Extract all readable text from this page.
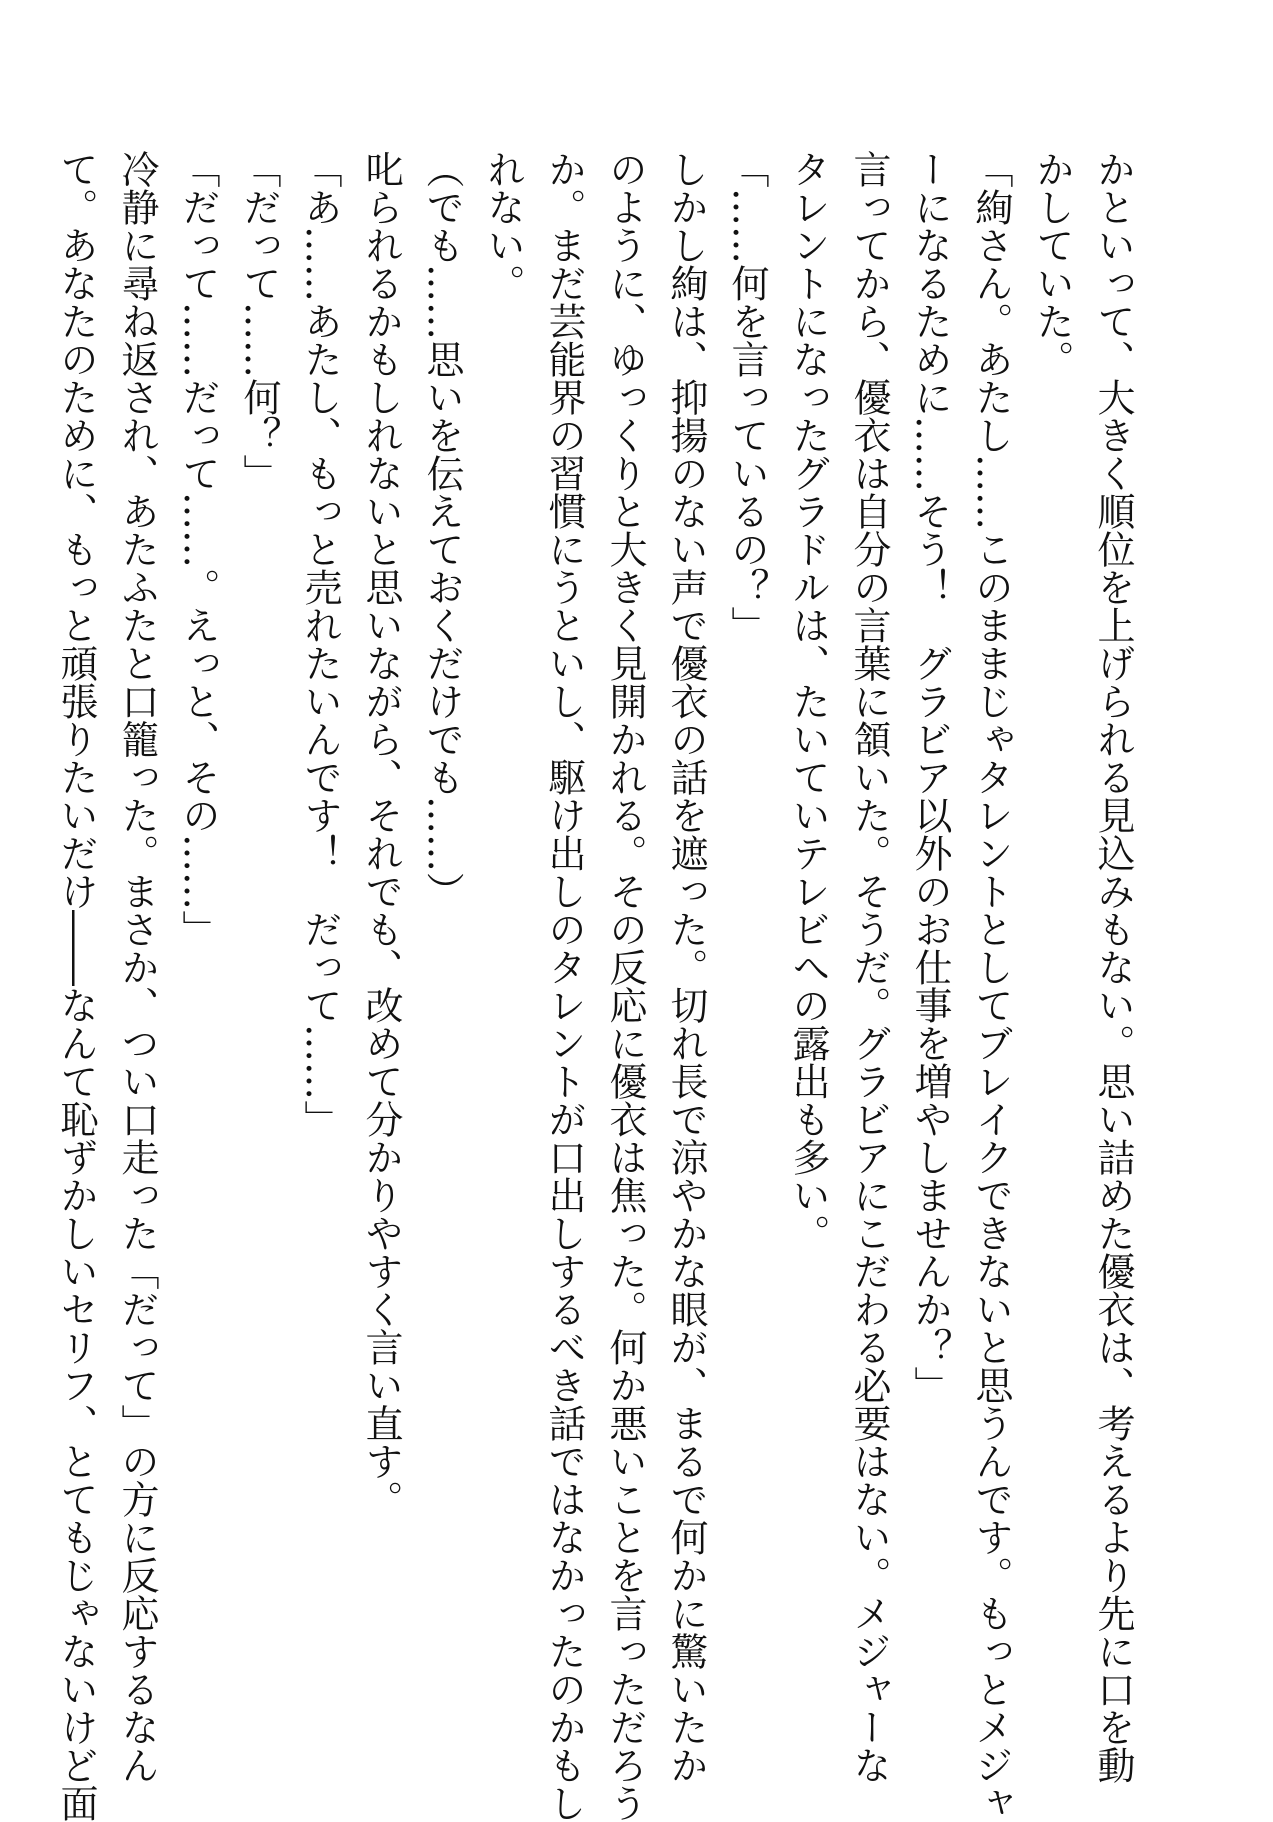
かといって、大きく順位を上げられる見込みもない。思い詰めた優衣は、考えるより先に口を動

かしていた。

「絢さん。あたし……このままじゃタレントとしてブレイクできないと思うんです。もっとメジャ

ーになるために……そう！　グラビア以外のお仕事を増やしませんか？」

言ってから、優衣は自分の言葉に頷いた。そうだ。グラビアにこだわる必要はない。メジャーな

タレントになったグラドルは、たいていテレビへの露出も多い。

「……何を言っているの？」

しかし絢は、抑揚のない声で優衣の話を遮った。切れ長で涼やかな眼が、まるで何かに驚いたか

のように、ゆっくりと大きく見開かれる。その反応に優衣は焦った。何か悪いことを言っただろう

か。まだ芸能界の習慣にうといし、駆け出しのタレントが口出しするべき話ではなかったのかもし

れない。

（でも……思いを伝えておくだけでも……）

叱られるかもしれないと思いながら、それでも、改めて分かりやすく言い直す。

「あ……あたし、もっと売れたいんです！　だって……」

「だって……何？」

「だって……だって……。えっと、その……」

冷静に尋ね返され、あたふたと口籠った。まさか、つい口走った「だって」の方に反応するなん

て。あなたのために、もっと頑張りたいだけ――なんて恥ずかしいセリフ、とてもじゃないけど面
